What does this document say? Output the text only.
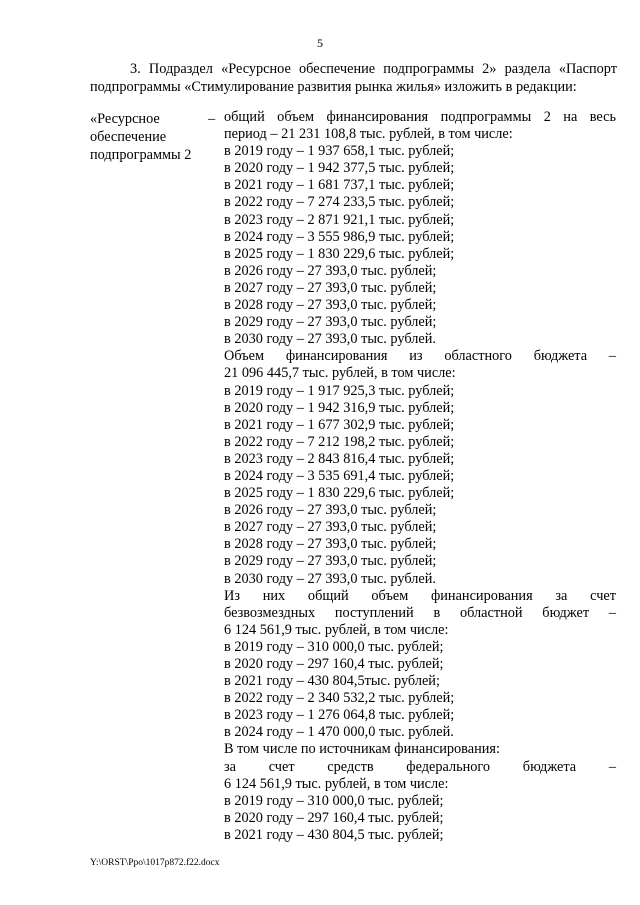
5
3. Подраздел «Ресурсное обеспечение подпрограммы 2» раздела «Паспорт
подпрограммы «Стимулирование развития рынка жилья» изложить в редакции:
«Ресурсное
обеспечение
подпрограммы 2
– общий объем финансирования подпрограммы 2 на весь
период – 21 231 108,8 тыс. рублей, в том числе:
в 2019 году – 1 937 658,1 тыс. рублей;
в 2020 году – 1 942 377,5 тыс. рублей;
в 2021 году – 1 681 737,1 тыс. рублей;
в 2022 году – 7 274 233,5 тыс. рублей;
в 2023 году – 2 871 921,1 тыс. рублей;
в 2024 году – 3 555 986,9 тыс. рублей;
в 2025 году – 1 830 229,6 тыс. рублей;
в 2026 году – 27 393,0 тыс. рублей;
в 2027 году – 27 393,0 тыс. рублей;
в 2028 году – 27 393,0 тыс. рублей;
в 2029 году – 27 393,0 тыс. рублей;
в 2030 году – 27 393,0 тыс. рублей.
Объем финансирования из областного бюджета –
21 096 445,7 тыс. рублей, в том числе:
в 2019 году – 1 917 925,3 тыс. рублей;
в 2020 году – 1 942 316,9 тыс. рублей;
в 2021 году – 1 677 302,9 тыс. рублей;
в 2022 году – 7 212 198,2 тыс. рублей;
в 2023 году – 2 843 816,4 тыс. рублей;
в 2024 году – 3 535 691,4 тыс. рублей;
в 2025 году – 1 830 229,6 тыс. рублей;
в 2026 году – 27 393,0 тыс. рублей;
в 2027 году – 27 393,0 тыс. рублей;
в 2028 году – 27 393,0 тыс. рублей;
в 2029 году – 27 393,0 тыс. рублей;
в 2030 году – 27 393,0 тыс. рублей.
Из них общий объем финансирования за счет
безвозмездных поступлений в областной бюджет –
6 124 561,9 тыс. рублей, в том числе:
в 2019 году – 310 000,0 тыс. рублей;
в 2020 году – 297 160,4 тыс. рублей;
в 2021 году – 430 804,5тыс. рублей;
в 2022 году – 2 340 532,2 тыс. рублей;
в 2023 году – 1 276 064,8 тыс. рублей;
в 2024 году – 1 470 000,0 тыс. рублей.
В том числе по источникам финансирования:
за счет средств федерального бюджета –
6 124 561,9 тыс. рублей, в том числе:
в 2019 году – 310 000,0 тыс. рублей;
в 2020 году – 297 160,4 тыс. рублей;
в 2021 году – 430 804,5 тыс. рублей;
Y:\ORST\Ppo\1017p872.f22.docx
